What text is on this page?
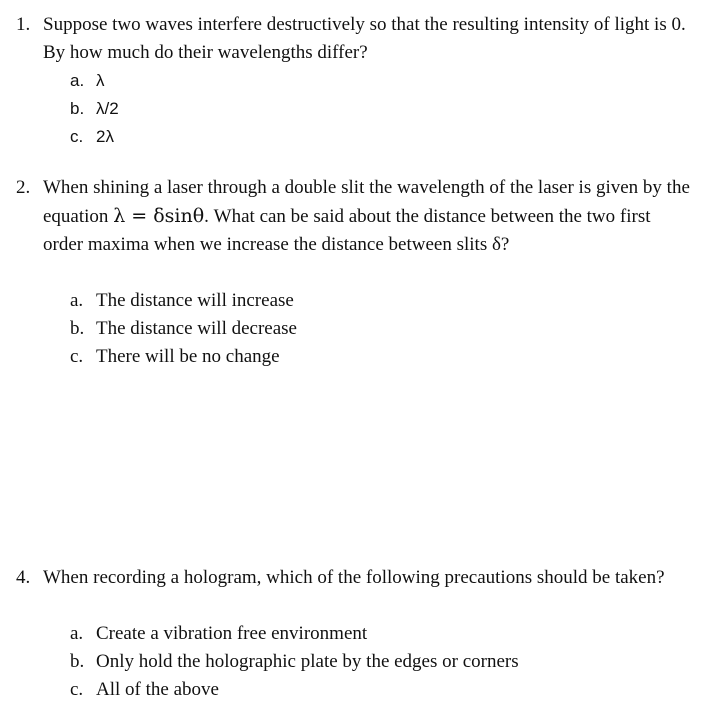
1. Suppose two waves interfere destructively so that the resulting intensity of light is 0. By how much do their wavelengths differ?
a. λ
b. λ/2
c. 2λ
2. When shining a laser through a double slit the wavelength of the laser is given by the equation λ = δsinθ. What can be said about the distance between the two first order maxima when we increase the distance between slits δ?
a. The distance will increase
b. The distance will decrease
c. There will be no change
4. When recording a hologram, which of the following precautions should be taken?
a. Create a vibration free environment
b. Only hold the holographic plate by the edges or corners
c. All of the above
